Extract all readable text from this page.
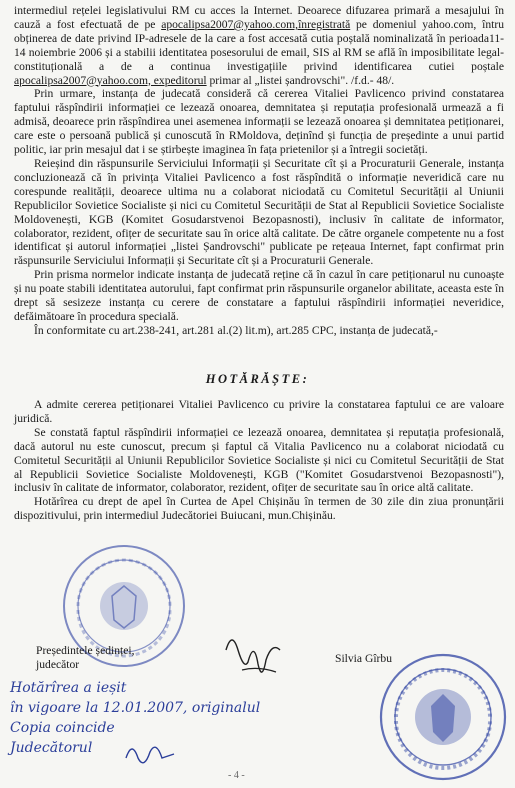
intermediul rețelei legislativului RM cu acces la Internet. Deoarece difuzarea primară a mesajului în cauză a fost efectuată de pe apocalipsa2007@yahoo.com,înregistrată pe domeniul yahoo.com, întru obținerea de date privind IP-adresele de la care a fost accesată cutia poștală nominalizată în perioada11-14 noiembrie 2006 și a stabilii identitatea posesorului de email, SIS al RM se află în imposibilitate legal-constituțională a de a continua investigațiile privind identificarea cutiei poștale apocalipsa2007@yahoo.com, expeditorul primar al „listei șandrovschi". /f.d.- 48/.

Prin urmare, instanța de judecată consideră că cererea Vitaliei Pavlicenco privind constatarea faptului răspîndirii informației ce lezează onoarea, demnitatea și reputația profesională urmează a fi admisă, deoarece prin răspîndirea unei asemenea informații se lezează onoarea și demnitatea petiționarei, care este o persoană publică și cunoscută în RMoldova, deținînd și funcția de președinte a unui partid politic, iar prin mesajul dat i se știrbește imaginea în fața prietenilor și a întregii societăți.

Reieșind din răspunsurile Serviciului Informații și Securitate cît și a Procuraturii Generale, instanța concluzionează că în privința Vitaliei Pavlicenco a fost răspîndită o informație neveridică care nu corespunde realității, deoarece ultima nu a colaborat niciodată cu Comitetul Securității al Uniunii Republicilor Sovietice Socialiste și nici cu Comitetul Securității de Stat al Republicii Sovietice Socialiste Moldovenești, KGB (Komitet Gosudarstvenoi Bezopasnosti), inclusiv în calitate de informator, colaborator, rezident, ofițer de securitate sau în orice altă calitate. De către organele competente nu a fost identificat și autorul informației „listei Șandrovschi" publicate pe rețeaua Internet, fapt confirmat prin răspunsurile Serviciului Informații și Securitate cît și a Procuraturii Generale.

Prin prisma normelor indicate instanța de judecată reține că în cazul în care petiționarul nu cunoaște și nu poate stabili identitatea autorului, fapt confirmat prin răspunsurile organelor abilitate, aceasta este în drept să sesizeze instanța cu cerere de constatare a faptului răspîndirii informației neveridice, defăimătoare în procedura specială.

În conformitate cu art.238-241, art.281 al.(2) lit.m), art.285 CPC, instanța de judecată,-

HOTĂRĂȘTE:

A admite cererea petiționarei Vitaliei Pavlicenco cu privire la constatarea faptului ce are valoare juridică.

Se constată faptul răspîndirii informației ce lezează onoarea, demnitatea și reputația profesională, dacă autorul nu este cunoscut, precum și faptul că Vitalia Pavlicenco nu a colaborat niciodată cu Comitetul Securității al Uniunii Republicilor Sovietice Socialiste și nici cu Comitetul Securității de Stat al Republicii Sovietice Socialiste Moldovenești, KGB ("Komitet Gosudarstvenoi Bezopasnosti"), inclusiv în calitate de informator, colaborator, rezident, ofițer de securitate sau în orice altă calitate.

Hotărîrea cu drept de apel în Curtea de Apel Chișinău în termen de 30 zile din ziua pronunțării dispozitivului, prin intermediul Judecătoriei Buiucani, mun.Chișinău.

Președintele ședinței,
judecător	Silvia Gîrbu
Hotărîrea a ieșit
în vigoare la 12.01.2007, originalul
Copia coincide
Judecătorul
- 4 -
